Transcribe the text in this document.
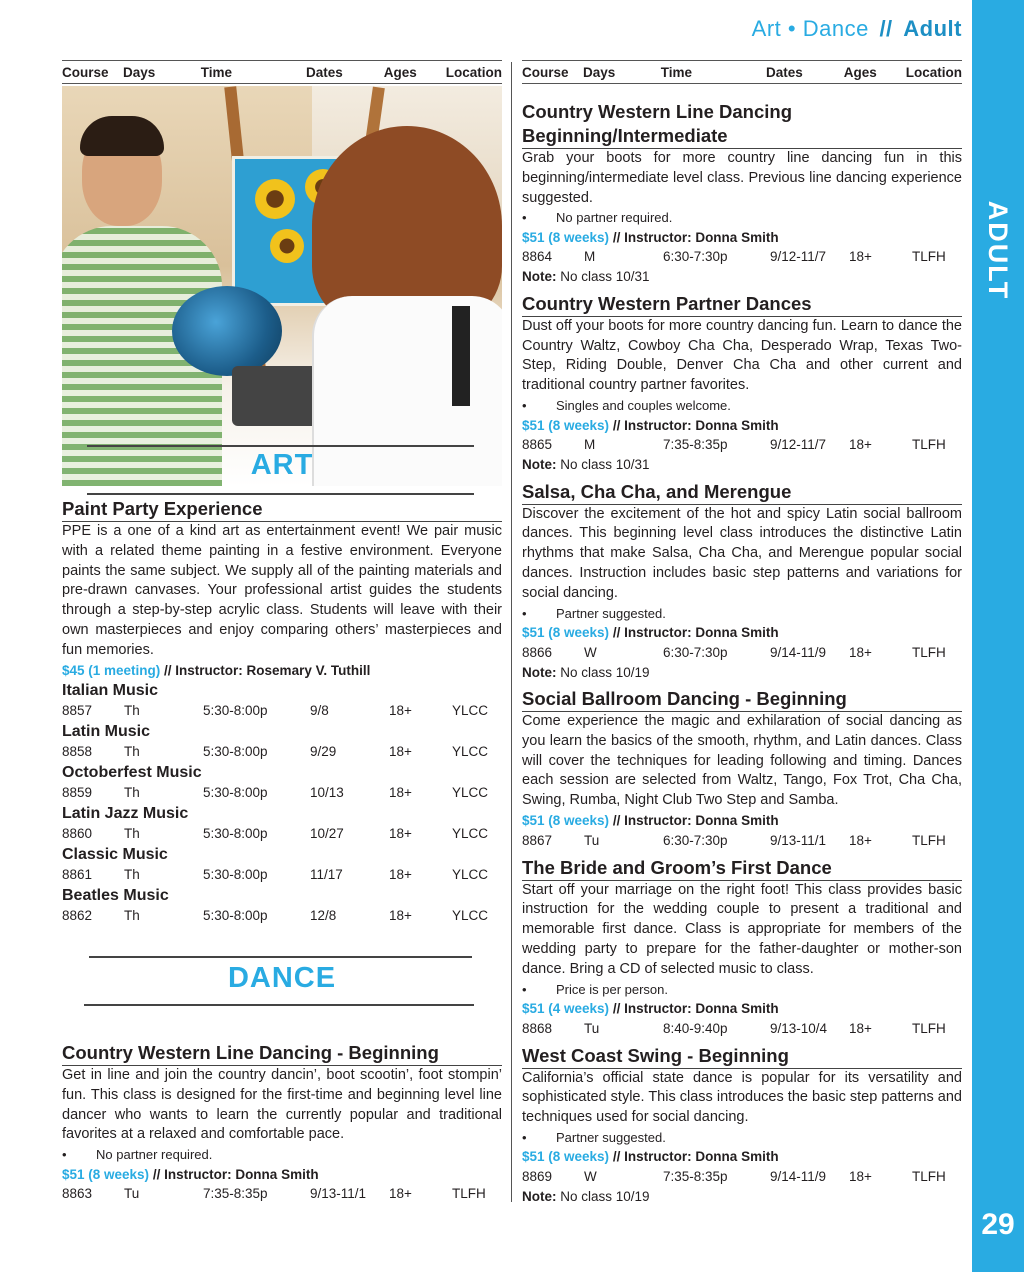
Art • Dance // Adult
ADULT
29
Course	Days	Time	Dates	Ages	Location
ART
Paint Party Experience
PPE is a one of a kind art as entertainment event! We pair music with a related theme painting in a festive environment. Everyone paints the same subject. We supply all of the painting materials and pre-drawn canvases. Your professional artist guides the students through a step-by-step acrylic class. Students will leave with their own masterpieces and enjoy comparing others’ masterpieces and fun memories.
$45 (1 meeting) // Instructor: Rosemary V. Tuthill
Italian Music
8857	Th	5:30-8:00p	9/8	18+	YLCC
Latin Music
8858	Th	5:30-8:00p	9/29	18+	YLCC
Octoberfest Music
8859	Th	5:30-8:00p	10/13	18+	YLCC
Latin Jazz Music
8860	Th	5:30-8:00p	10/27	18+	YLCC
Classic Music
8861	Th	5:30-8:00p	11/17	18+	YLCC
Beatles Music
8862	Th	5:30-8:00p	12/8	18+	YLCC
DANCE
Country Western Line Dancing - Beginning
Get in line and join the country dancin’, boot scootin’, foot stompin’ fun. This class is designed for the first-time and beginning level line dancer who wants to learn the currently popular and traditional favorites at a relaxed and comfortable pace.
•	No partner required.
$51 (8 weeks) // Instructor: Donna Smith
8863	Tu	7:35-8:35p	9/13-11/1	18+	TLFH
Course	Days	Time	Dates	Ages	Location
Country Western Line Dancing Beginning/Intermediate
Grab your boots for more country line dancing fun in this beginning/intermediate level class. Previous line dancing experience suggested.
•	No partner required.
$51 (8 weeks) // Instructor: Donna Smith
8864	M	6:30-7:30p	9/12-11/7	18+	TLFH
Note: No class 10/31
Country Western Partner Dances
Dust off your boots for more country dancing fun. Learn to dance the Country Waltz, Cowboy Cha Cha, Desperado Wrap, Texas Two-Step, Riding Double, Denver Cha Cha and other current and traditional country partner favorites.
•	Singles and couples welcome.
$51 (8 weeks) // Instructor: Donna Smith
8865	M	7:35-8:35p	9/12-11/7	18+	TLFH
Note: No class 10/31
Salsa, Cha Cha, and Merengue
Discover the excitement of the hot and spicy Latin social ballroom dances. This beginning level class introduces the distinctive Latin rhythms that make Salsa, Cha Cha, and Merengue popular social dances. Instruction includes basic step patterns and variations for social dancing.
•	Partner suggested.
$51 (8 weeks) // Instructor: Donna Smith
8866	W	6:30-7:30p	9/14-11/9	18+	TLFH
Note: No class 10/19
Social Ballroom Dancing - Beginning
Come experience the magic and exhilaration of social dancing as you learn the basics of the smooth, rhythm, and Latin dances. Class will cover the techniques for leading following and timing. Dances each session are selected from Waltz, Tango, Fox Trot, Cha Cha, Swing, Rumba, Night Club Two Step and Samba.
$51 (8 weeks) // Instructor: Donna Smith
8867	Tu	6:30-7:30p	9/13-11/1	18+	TLFH
The Bride and Groom’s First Dance
Start off your marriage on the right foot! This class provides basic instruction for the wedding couple to present a traditional and memorable first dance. Class is appropriate for members of the wedding party to prepare for the father-daughter or mother-son dance. Bring a CD of selected music to class.
•	Price is per person.
$51 (4 weeks) // Instructor: Donna Smith
8868	Tu	8:40-9:40p	9/13-10/4	18+	TLFH
West Coast Swing - Beginning
California’s official state dance is popular for its versatility and sophisticated style. This class introduces the basic step patterns and techniques used for social dancing.
•	Partner suggested.
$51 (8 weeks) // Instructor: Donna Smith
8869	W	7:35-8:35p	9/14-11/9	18+	TLFH
Note: No class 10/19
